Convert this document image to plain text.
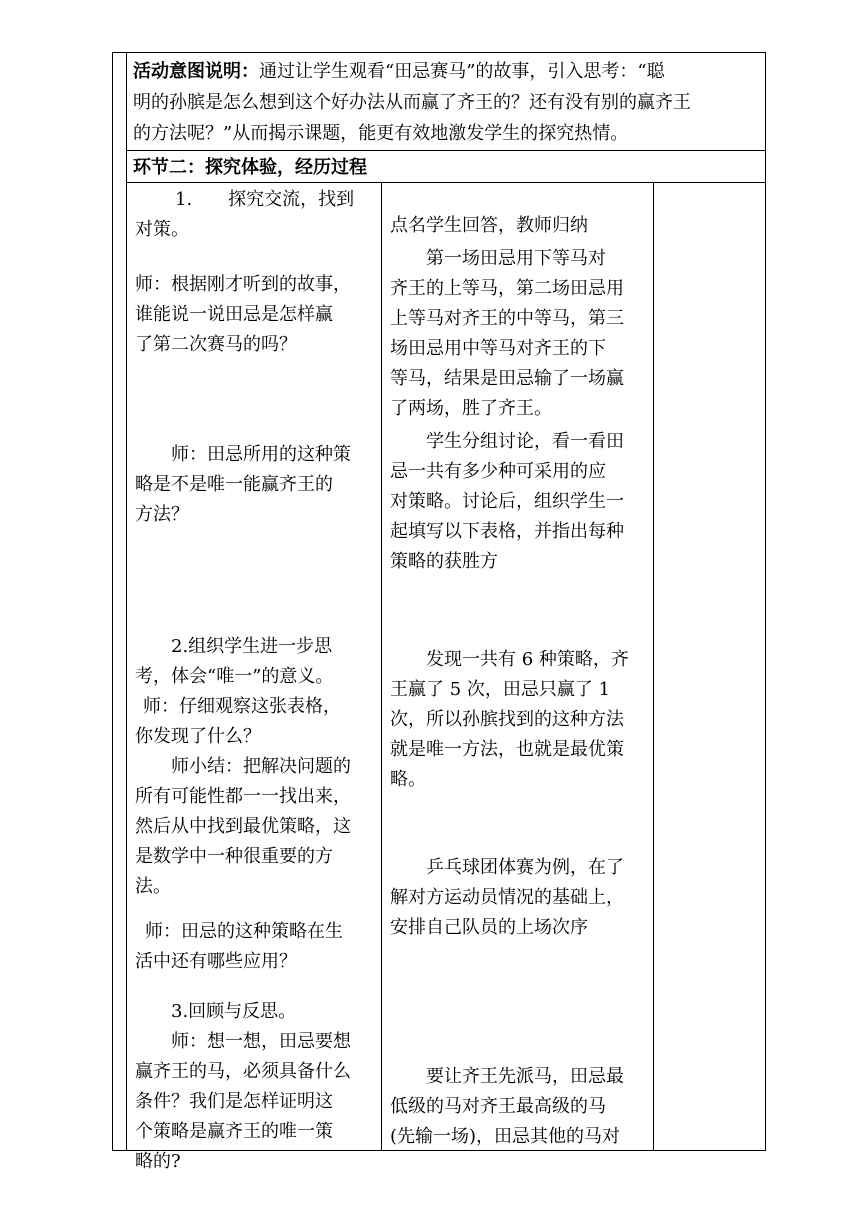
活动意图说明：通过让学生观看“田忌赛马”的故事，引入思考：“聪
明的孙膑是怎么想到这个好办法从而赢了齐王的？还有没有别的赢齐王
的方法呢？”从而揭示课题，能更有效地激发学生的探究热情。
环节二：探究体验，经历过程
1.　　探究交流，找到
对策。
师：根据刚才听到的故事，
谁能说一说田忌是怎样赢
了第二次赛马的吗？
师：田忌所用的这种策
略是不是唯一能赢齐王的
方法？
2.组织学生进一步思
考，体会“唯一”的意义。
师：仔细观察这张表格，
你发现了什么？
师小结：把解决问题的
所有可能性都一一找出来，
然后从中找到最优策略，这
是数学中一种很重要的方
法。
师：田忌的这种策略在生
活中还有哪些应用？
3.回顾与反思。
师：想一想，田忌要想
赢齐王的马，必须具备什么
条件？我们是怎样证明这
个策略是赢齐王的唯一策
略的?
点名学生回答，教师归纳
第一场田忌用下等马对
齐王的上等马，第二场田忌用
上等马对齐王的中等马，第三
场田忌用中等马对齐王的下
等马，结果是田忌输了一场赢
了两场，胜了齐王。
学生分组讨论，看一看田
忌一共有多少种可采用的应
对策略。讨论后，组织学生一
起填写以下表格，并指出每种
策略的获胜方
发现一共有 6 种策略，齐
王赢了 5 次，田忌只赢了 1
次，所以孙膑找到的这种方法
就是唯一方法，也就是最优策
略。
乒乓球团体赛为例，在了
解对方运动员情况的基础上，
安排自己队员的上场次序
要让齐王先派马，田忌最
低级的马对齐王最高级的马
(先输一场)，田忌其他的马对
